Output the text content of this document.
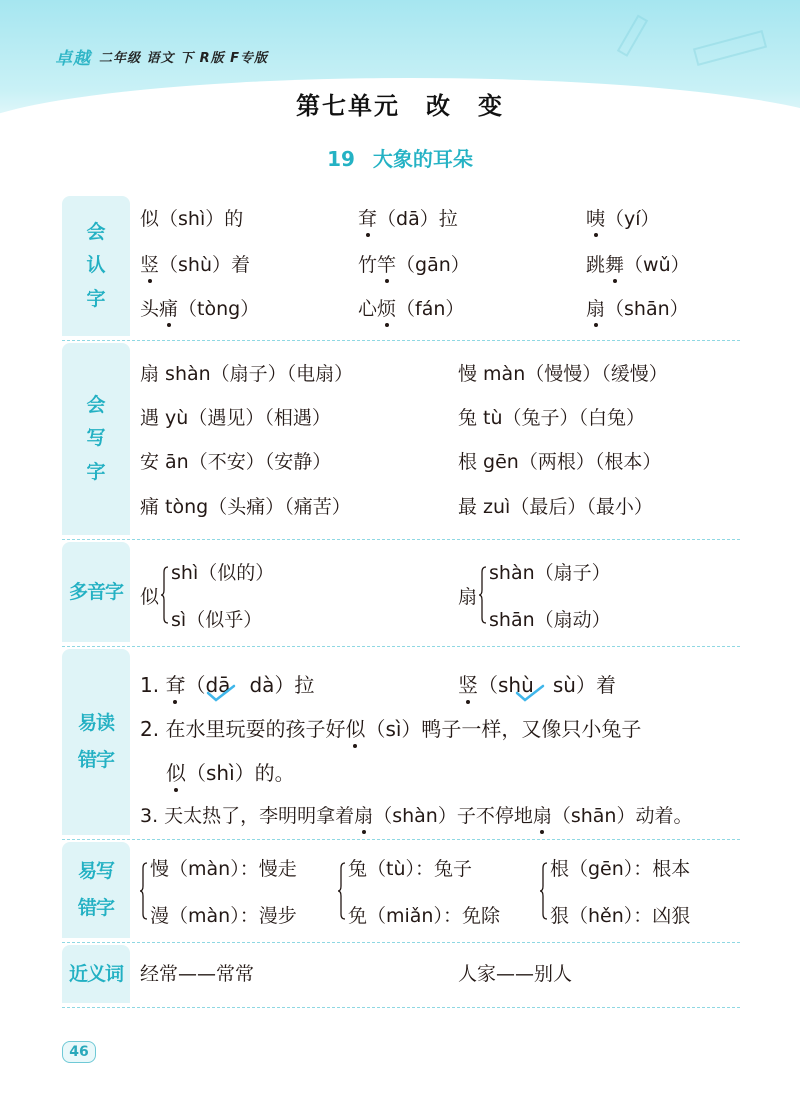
卓越 二年级 语文 下 R版 F专版
第七单元　改　变
19 大象的耳朵
会
认
字
似（shì）的	耷（dā）拉	咦（yí）
竖（shù）着	竹竿（gān）	跳舞（wǔ）
头痛（tòng）	心烦（fán）	扇（shān）
会
写
字
扇 shàn（扇子）（电扇）	慢 màn（慢慢）（缓慢）
遇 yù（遇见）（相遇）	兔 tù（兔子）（白兔）
安 ān（不安）（安静）	根 gēn（两根）（根本）
痛 tòng（头痛）（痛苦）	最 zuì（最后）（最小）
多音字 似
shì（似的）
sì（似乎）
扇
shàn（扇子）
shān（扇动）
易读
错字
1. 耷（dā dà）拉	竖（shù sù）着
2. 在水里玩耍的孩子好似（sì）鸭子一样，又像只小兔子
似（shì）的。
3. 天太热了，李明明拿着扇（shàn）子不停地扇（shān）动着。
易写
错字
慢（màn）：慢走
漫（màn）：漫步
兔（tù）：兔子
免（miǎn）：免除
根（gēn）：根本
狠（hěn）：凶狠
近义词 经常——常常	人家——别人
46
